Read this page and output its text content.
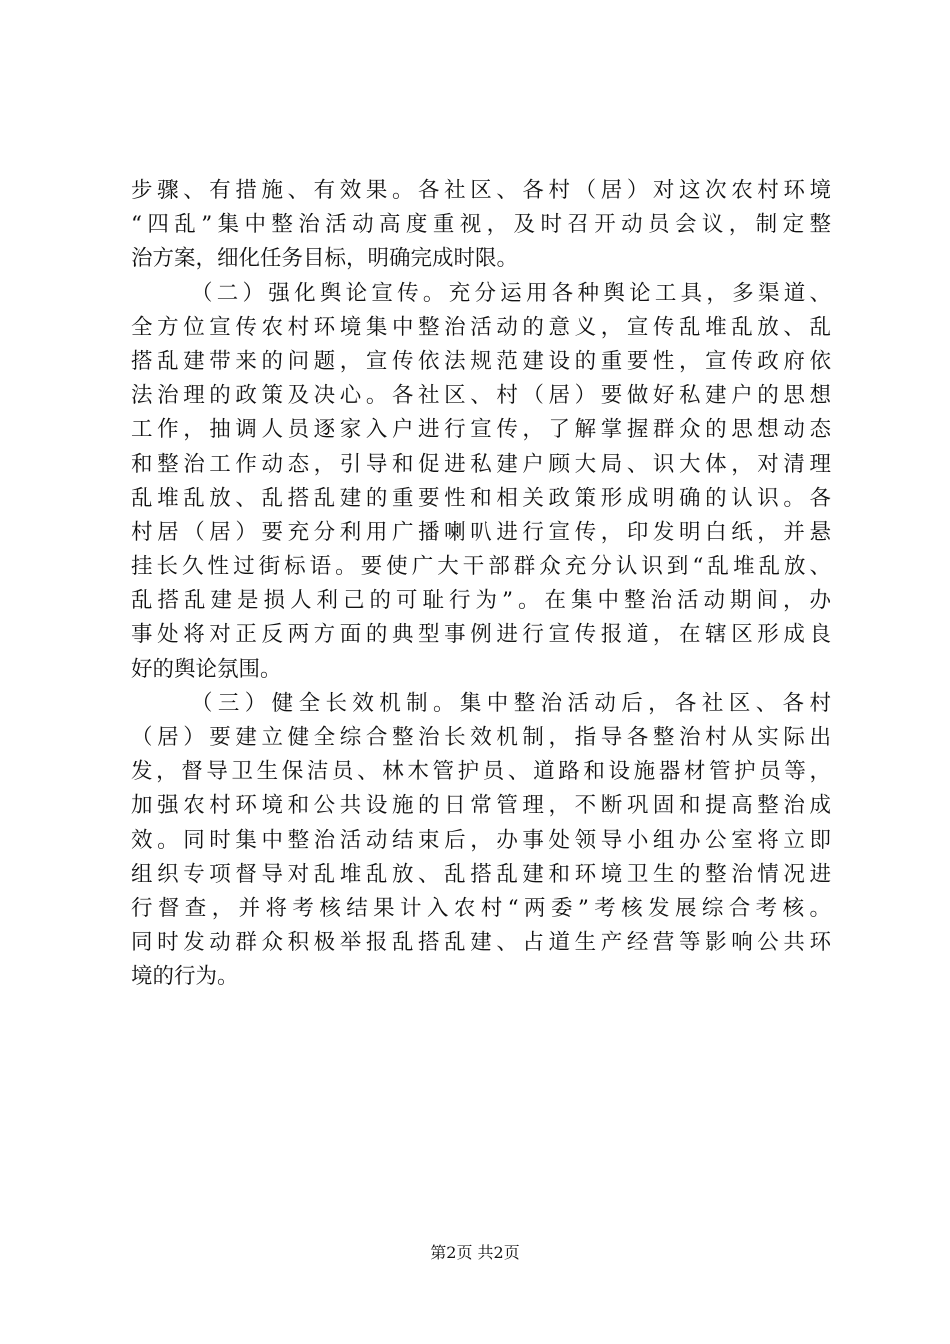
步骤、有措施、有效果。各社区、各村（居）对这次农村环境
“四乱”集中整治活动高度重视，及时召开动员会议，制定整
治方案，细化任务目标，明确完成时限。
（二）强化舆论宣传。充分运用各种舆论工具，多渠道、
全方位宣传农村环境集中整治活动的意义，宣传乱堆乱放、乱
搭乱建带来的问题，宣传依法规范建设的重要性，宣传政府依
法治理的政策及决心。各社区、村（居）要做好私建户的思想
工作，抽调人员逐家入户进行宣传，了解掌握群众的思想动态
和整治工作动态，引导和促进私建户顾大局、识大体，对清理
乱堆乱放、乱搭乱建的重要性和相关政策形成明确的认识。各
村居（居）要充分利用广播喇叭进行宣传，印发明白纸，并悬
挂长久性过街标语。要使广大干部群众充分认识到“乱堆乱放、
乱搭乱建是损人利己的可耻行为”。在集中整治活动期间，办
事处将对正反两方面的典型事例进行宣传报道，在辖区形成良
好的舆论氛围。
（三）健全长效机制。集中整治活动后，各社区、各村
（居）要建立健全综合整治长效机制，指导各整治村从实际出
发，督导卫生保洁员、林木管护员、道路和设施器材管护员等，
加强农村环境和公共设施的日常管理，不断巩固和提高整治成
效。同时集中整治活动结束后，办事处领导小组办公室将立即
组织专项督导对乱堆乱放、乱搭乱建和环境卫生的整治情况进
行督查，并将考核结果计入农村“两委”考核发展综合考核。
同时发动群众积极举报乱搭乱建、占道生产经营等影响公共环
境的行为。
第2页 共2页
